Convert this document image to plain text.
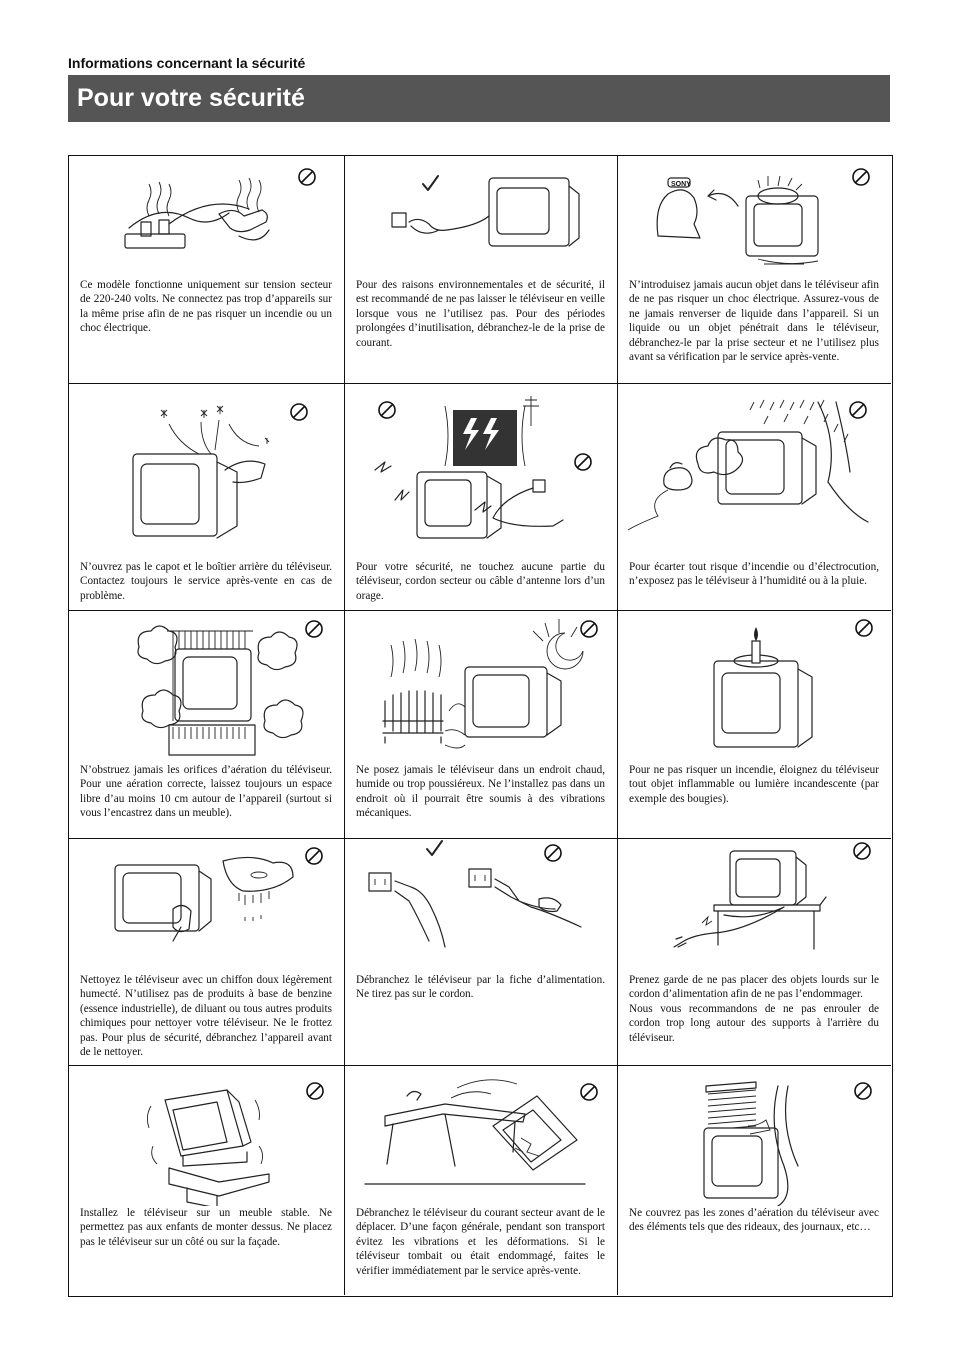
Informations concernant la sécurité
Pour votre sécurité
Ce modèle fonctionne uniquement sur tension secteur de 220-240 volts. Ne connectez pas trop d’appareils sur la même prise afin de ne pas risquer un incendie ou un choc électrique.
Pour des raisons environnementales et de sécurité, il est recommandé de ne pas laisser le téléviseur en veille lorsque vous ne l’utilisez pas. Pour des périodes prolongées d’inutilisation, débranchez-le de la prise de courant.
SONY
N’introduisez jamais aucun objet dans le téléviseur afin de ne pas risquer un choc électrique. Assurez-vous de ne jamais renverser de liquide dans l’appareil. Si un liquide ou un objet pénétrait dans le téléviseur, débranchez-le par la prise secteur et ne l’utilisez plus avant sa vérification par le service après-vente.
N’ouvrez pas le capot et le boîtier arrière du téléviseur. Contactez toujours le service après-vente en cas de problème.
Pour votre sécurité, ne touchez aucune partie du téléviseur, cordon secteur ou câble d’antenne lors d’un orage.
Pour écarter tout risque d’incendie ou d’électrocution, n’exposez pas le téléviseur à l’humidité ou à la pluie.
N’obstruez jamais les orifices d’aération du téléviseur. Pour une aération correcte, laissez toujours un espace libre d’au moins 10 cm autour de l’appareil (surtout si vous l’encastrez dans un meuble).
Ne posez jamais le téléviseur dans un endroit chaud, humide ou trop poussiéreux. Ne l’installez pas dans un endroit où il pourrait être soumis à des vibrations mécaniques.
Pour ne pas risquer un incendie, éloignez du téléviseur tout objet inflammable ou lumière incandescente (par exemple des bougies).
Nettoyez le téléviseur avec un chiffon doux légèrement humecté. N’utilisez pas de produits à base de benzine (essence industrielle), de diluant ou tous autres produits chimiques pour nettoyer votre téléviseur. Ne le frottez pas. Pour plus de sécurité, débranchez l’appareil avant de le nettoyer.
Débranchez le téléviseur par la fiche d’alimentation. Ne tirez pas sur le cordon.
Prenez garde de ne pas placer des objets lourds sur le cordon d’alimentation afin de ne pas l’endommager.
Nous vous recommandons de ne pas enrouler de cordon trop long autour des supports à l'arrière du téléviseur.
Installez le téléviseur sur un meuble stable. Ne permettez pas aux enfants de monter dessus. Ne placez pas le téléviseur sur un côté ou sur la façade.
Débranchez le téléviseur du courant secteur avant de le déplacer. D’une façon générale, pendant son transport évitez les vibrations et les déformations. Si le téléviseur tombait ou était endommagé, faites le vérifier immédiatement par le service après-vente.
Ne couvrez pas les zones d’aération du téléviseur avec des éléments tels que des rideaux, des journaux, etc…
